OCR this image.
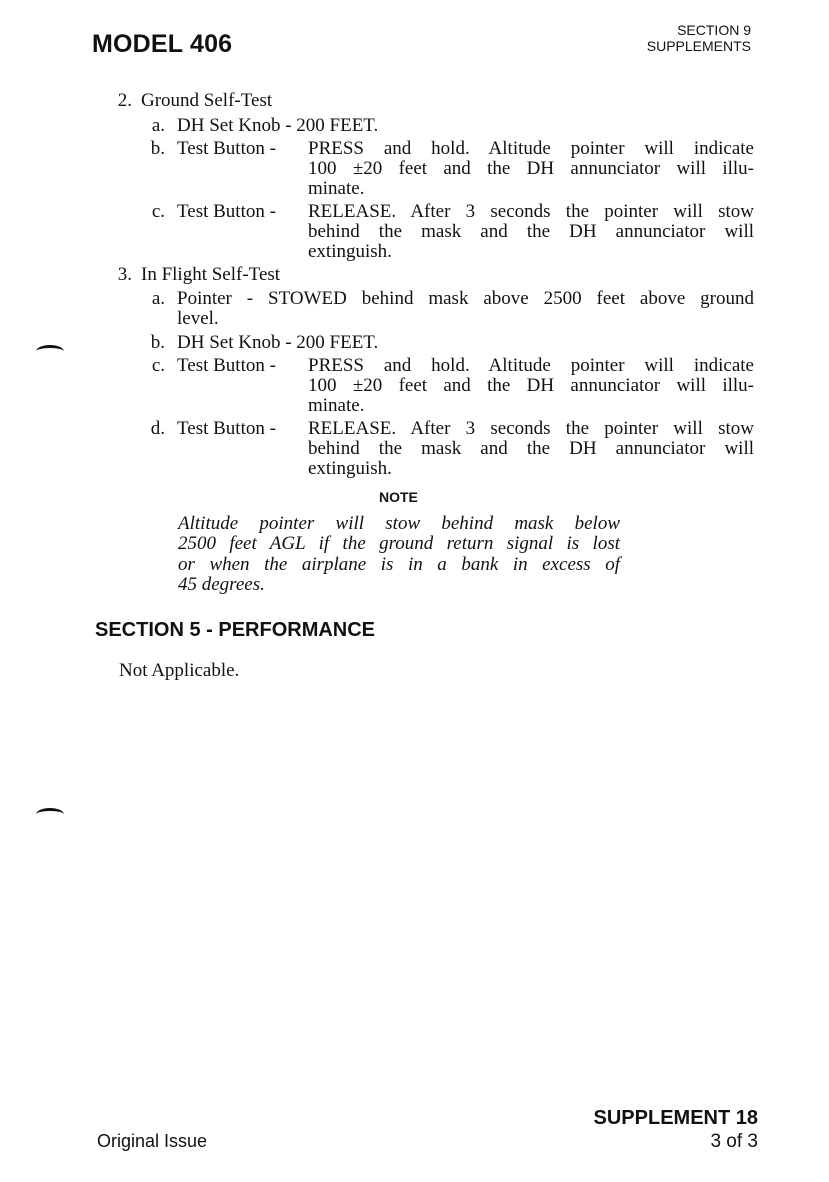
MODEL 406	SECTION 9
SUPPLEMENTS
2. Ground Self-Test
a. DH Set Knob - 200 FEET.
b. Test Button - PRESS and hold. Altitude pointer will indicate
100 ±20 feet and the DH annunciator will illu-
minate.
c. Test Button - RELEASE. After 3 seconds the pointer will stow
behind the mask and the DH annunciator will
extinguish.
3. In Flight Self-Test
a. Pointer - STOWED behind mask above 2500 feet above ground
level.
b. DH Set Knob - 200 FEET.
c. Test Button - PRESS and hold. Altitude pointer will indicate
100 ±20 feet and the DH annunciator will illu-
minate.
d. Test Button - RELEASE. After 3 seconds the pointer will stow
behind the mask and the DH annunciator will
extinguish.
NOTE
Altitude pointer will stow behind mask below
2500 feet AGL if the ground return signal is lost
or when the airplane is in a bank in excess of
45 degrees.
SECTION 5 - PERFORMANCE
Not Applicable.
Original Issue
SUPPLEMENT 18
3 of 3
